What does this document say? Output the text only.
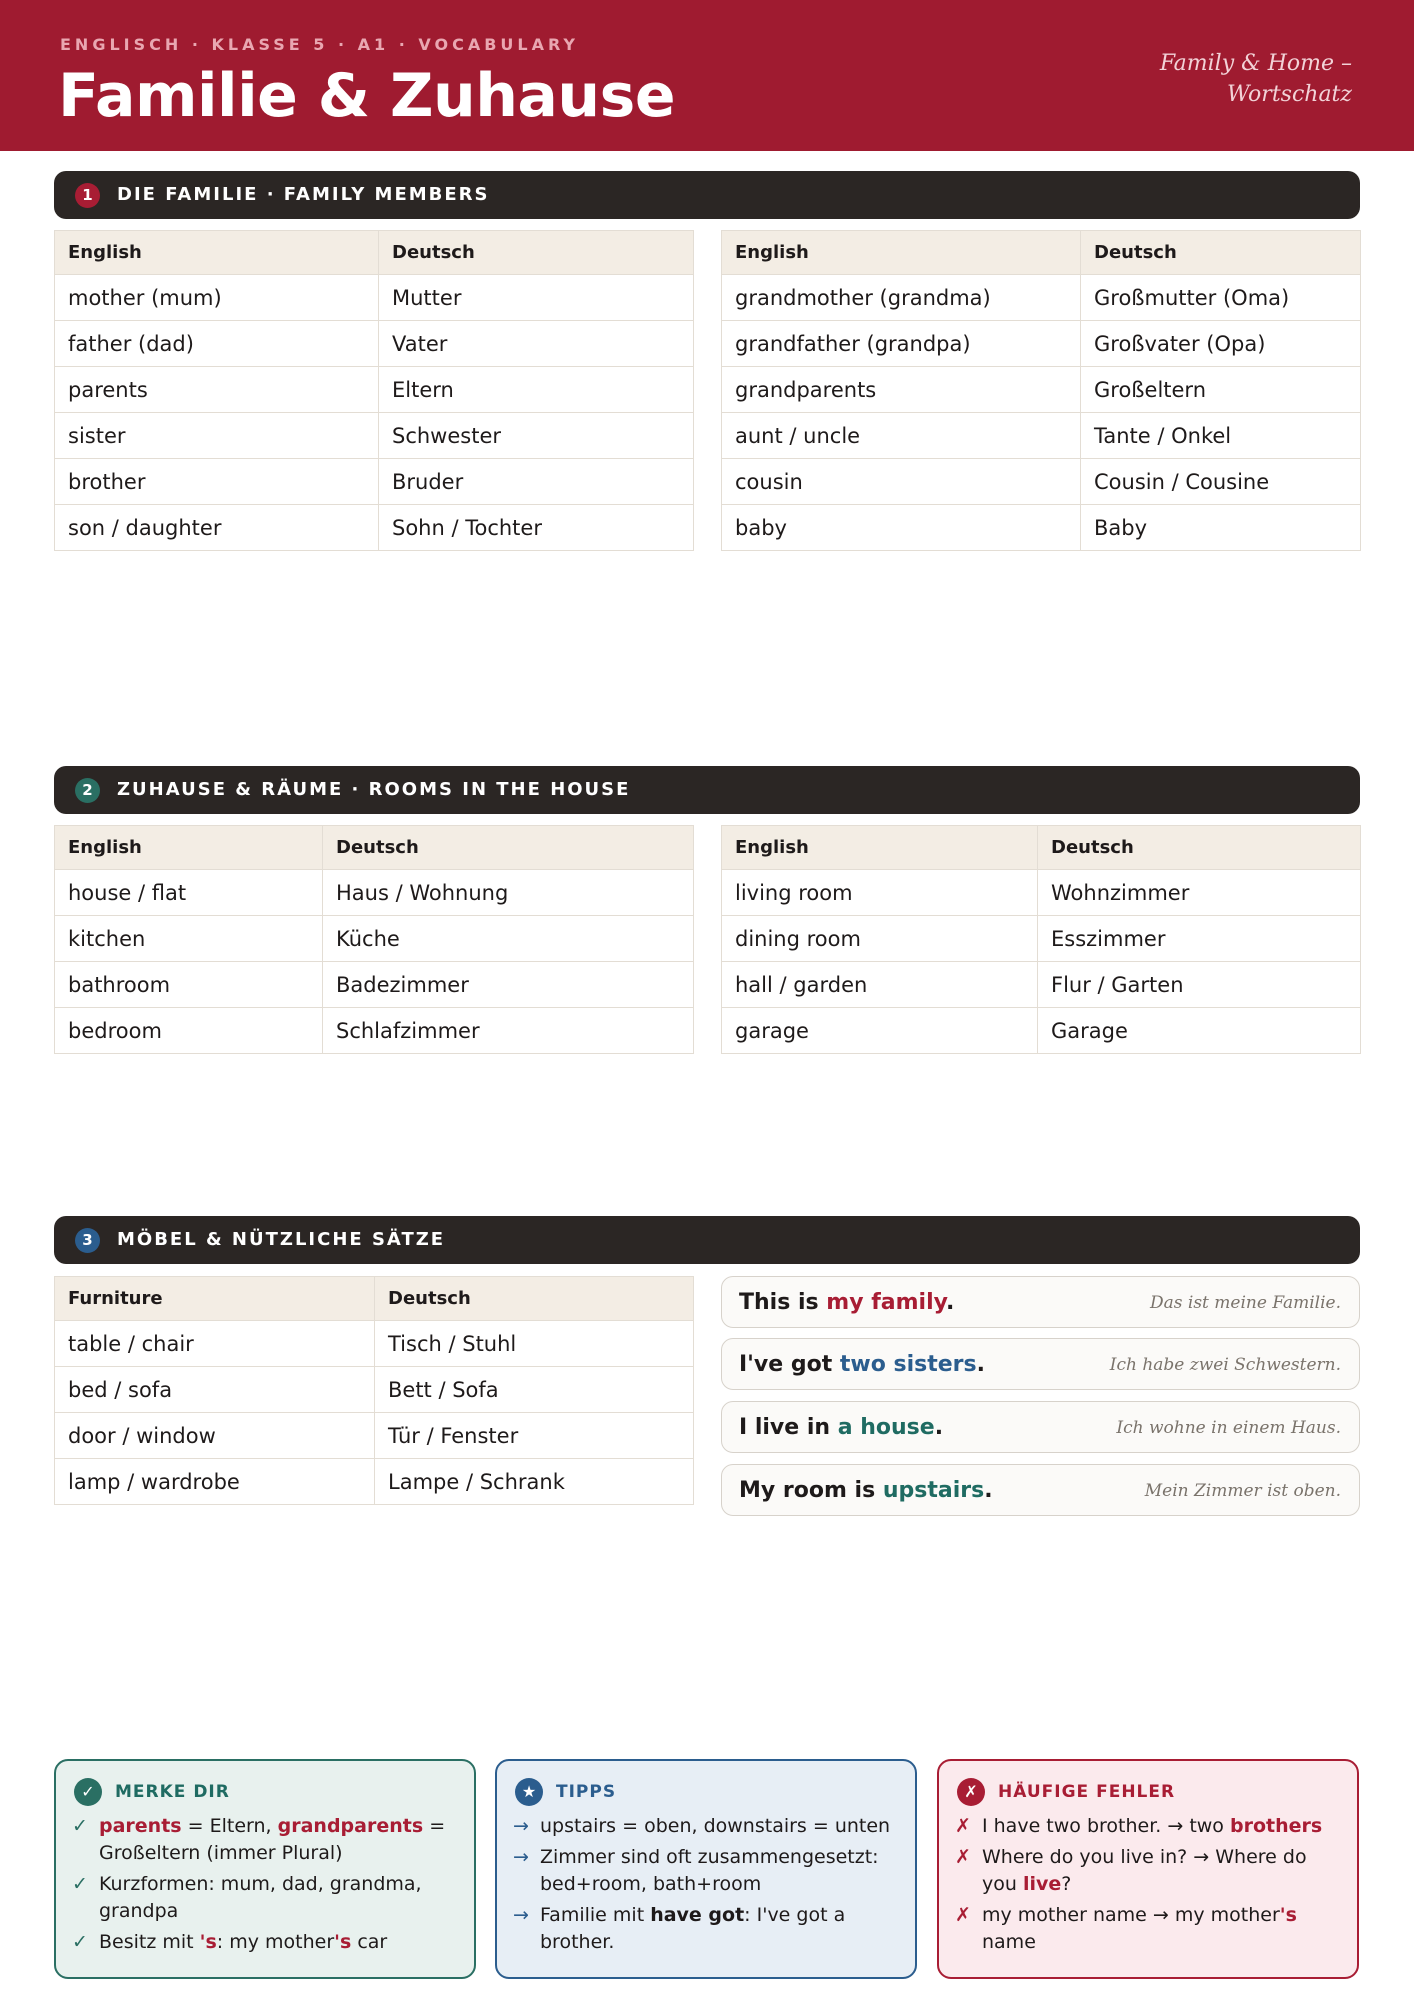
ENGLISCH · KLASSE 5 · A1 · VOCABULARY
Familie & Zuhause	Family & Home – Wortschatz
1	DIE FAMILIE · FAMILY MEMBERS
English	Deutsch
mother (mum)	Mutter
father (dad)	Vater
parents	Eltern
sister	Schwester
brother	Bruder
son / daughter	Sohn / Tochter
English	Deutsch
grandmother (grandma)	Großmutter (Oma)
grandfather (grandpa)	Großvater (Opa)
grandparents	Großeltern
aunt / uncle	Tante / Onkel
cousin	Cousin / Cousine
baby	Baby
2	ZUHAUSE & RÄUME · ROOMS IN THE HOUSE
English	Deutsch
house / flat	Haus / Wohnung
kitchen	Küche
bathroom	Badezimmer
bedroom	Schlafzimmer
English	Deutsch
living room	Wohnzimmer
dining room	Esszimmer
hall / garden	Flur / Garten
garage	Garage
3	MÖBEL & NÜTZLICHE SÄTZE
Furniture	Deutsch
table / chair	Tisch / Stuhl
bed / sofa	Bett / Sofa
door / window	Tür / Fenster
lamp / wardrobe	Lampe / Schrank
This is my family.	Das ist meine Familie.
I've got two sisters.	Ich habe zwei Schwestern.
I live in a house.	Ich wohne in einem Haus.
My room is upstairs.	Mein Zimmer ist oben.
✓	MERKE DIR
✓ parents = Eltern, grandparents = Großeltern (immer Plural)
✓ Kurzformen: mum, dad, grandma, grandpa
✓ Besitz mit 's: my mother's car
★	TIPPS
→ upstairs = oben, downstairs = unten
→ Zimmer sind oft zusammengesetzt: bed+room, bath+room
→ Familie mit have got: I've got a brother.
✗	HÄUFIGE FEHLER
✗ I have two brother. → two brothers
✗ Where do you live in? → Where do you live?
✗ my mother name → my mother's name
